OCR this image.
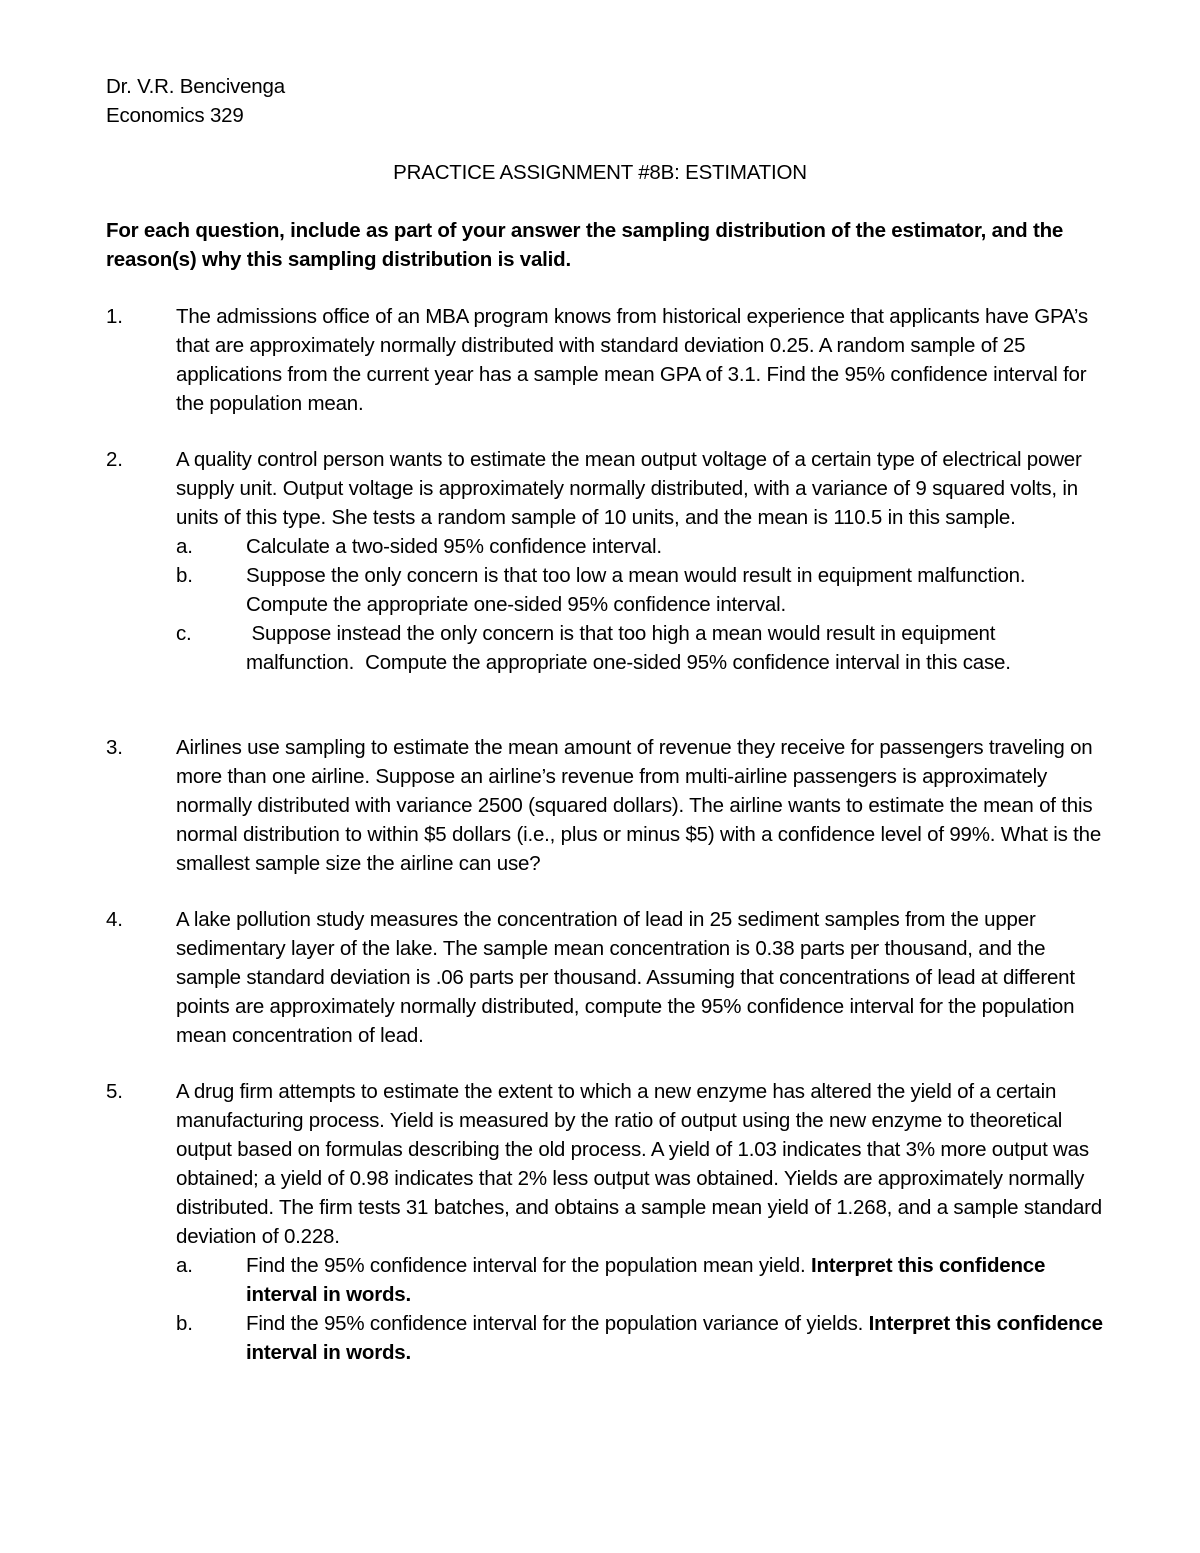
Dr. V.R. Bencivenga
Economics 329
PRACTICE ASSIGNMENT #8B: ESTIMATION
For each question, include as part of your answer the sampling distribution of the estimator, and the reason(s) why this sampling distribution is valid.
1.	The admissions office of an MBA program knows from historical experience that applicants have GPA’s that are approximately normally distributed with standard deviation 0.25. A random sample of 25 applications from the current year has a sample mean GPA of 3.1. Find the 95% confidence interval for the population mean.
2.	A quality control person wants to estimate the mean output voltage of a certain type of electrical power supply unit. Output voltage is approximately normally distributed, with a variance of 9 squared volts, in units of this type. She tests a random sample of 10 units, and the mean is 110.5 in this sample.
a.	Calculate a two-sided 95% confidence interval.
b.	Suppose the only concern is that too low a mean would result in equipment malfunction. Compute the appropriate one-sided 95% confidence interval.
c.	Suppose instead the only concern is that too high a mean would result in equipment malfunction.  Compute the appropriate one-sided 95% confidence interval in this case.
3.	Airlines use sampling to estimate the mean amount of revenue they receive for passengers traveling on more than one airline. Suppose an airline’s revenue from multi-airline passengers is approximately normally distributed with variance 2500 (squared dollars). The airline wants to estimate the mean of this normal distribution to within $5 dollars (i.e., plus or minus $5) with a confidence level of 99%. What is the smallest sample size the airline can use?
4.	A lake pollution study measures the concentration of lead in 25 sediment samples from the upper sedimentary layer of the lake. The sample mean concentration is 0.38 parts per thousand, and the sample standard deviation is .06 parts per thousand. Assuming that concentrations of lead at different points are approximately normally distributed, compute the 95% confidence interval for the population mean concentration of lead.
5.	A drug firm attempts to estimate the extent to which a new enzyme has altered the yield of a certain manufacturing process. Yield is measured by the ratio of output using the new enzyme to theoretical output based on formulas describing the old process. A yield of 1.03 indicates that 3% more output was obtained; a yield of 0.98 indicates that 2% less output was obtained. Yields are approximately normally distributed. The firm tests 31 batches, and obtains a sample mean yield of 1.268, and a sample standard deviation of 0.228.
a.	Find the 95% confidence interval for the population mean yield. Interpret this confidence interval in words.
b.	Find the 95% confidence interval for the population variance of yields. Interpret this confidence interval in words.
